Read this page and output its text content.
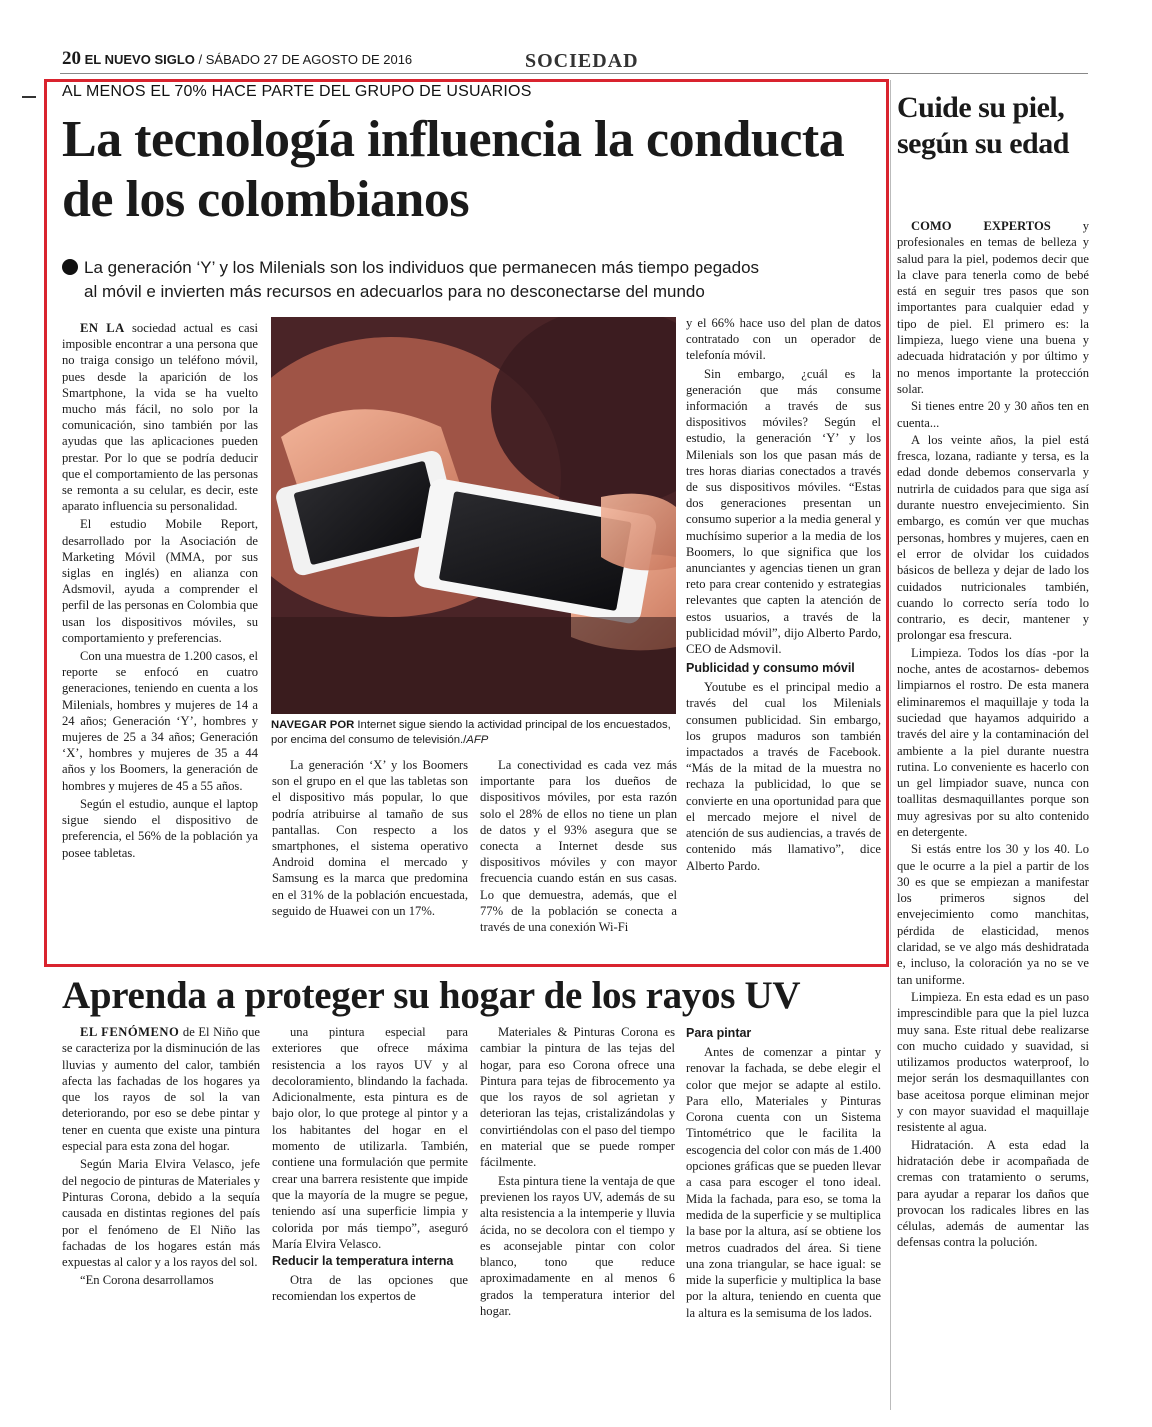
20 EL NUEVO SIGLO / SÁBADO 27 DE AGOSTO DE 2016	SOCIEDAD
AL MENOS EL 70% HACE PARTE DEL GRUPO DE USUARIOS
La tecnología influencia la conducta de los colombianos
La generación ‘Y’ y los Milenials son los individuos que permanecen más tiempo pegados
al móvil e invierten más recursos en adecuarlos para no desconectarse del mundo

EN LA sociedad actual es casi imposible encontrar a una persona que no traiga consigo un teléfono móvil, pues desde la aparición de los Smartphone, la vida se ha vuelto mucho más fácil, no solo por la comunicación, sino también por las ayudas que las aplicaciones pueden prestar. Por lo que se podría deducir que el comportamiento de las personas se remonta a su celular, es decir, este aparato influencia su personalidad.

El estudio Mobile Report, desarrollado por la Asociación de Marketing Móvil (MMA, por sus siglas en inglés) en alianza con Adsmovil, ayuda a comprender el perfil de las personas en Colombia que usan los dispositivos móviles, su comportamiento y preferencias.

Con una muestra de 1.200 casos, el reporte se enfocó en cuatro generaciones, teniendo en cuenta a los Milenials, hombres y mujeres de 14 a 24 años; Generación ‘Y’, hombres y mujeres de 25 a 34 años; Generación ‘X’, hombres y mujeres de 35 a 44 años y los Boomers, la generación de hombres y mujeres de 45 a 55 años.

Según el estudio, aunque el laptop sigue siendo el dispositivo de preferencia, el 56% de la población ya posee tabletas.

NAVEGAR POR Internet sigue siendo la actividad principal de los encuestados, por encima del consumo de televisión./AFP

La generación ‘X’ y los Boomers son el grupo en el que las tabletas son el dispositivo más popular, lo que podría atribuirse al tamaño de sus pantallas. Con respecto a los smartphones, el sistema operativo Android domina el mercado y Samsung es la marca que predomina en el 31% de la población encuestada, seguido de Huawei con un 17%.

La conectividad es cada vez más importante para los dueños de dispositivos móviles, por esta razón solo el 28% de ellos no tiene un plan de datos y el 93% asegura que se conecta a Internet desde sus dispositivos móviles y con mayor frecuencia cuando están en sus casas. Lo que demuestra, además, que el 77% de la población se conecta a través de una conexión Wi-Fi

y el 66% hace uso del plan de datos contratado con un operador de telefonía móvil.

Sin embargo, ¿cuál es la generación que más consume información a través de sus dispositivos móviles? Según el estudio, la generación ‘Y’ y los Milenials son los que pasan más de tres horas diarias conectados a través de sus dispositivos móviles. “Estas dos generaciones presentan un consumo superior a la media general y muchísimo superior a la media de los Boomers, lo que significa que los anunciantes y agencias tienen un gran reto para crear contenido y estrategias relevantes que capten la atención de estos usuarios, a través de la publicidad móvil”, dijo Alberto Pardo, CEO de Adsmovil.

Publicidad y consumo móvil

Youtube es el principal medio a través del cual los Milenials consumen publicidad. Sin embargo, los grupos maduros son también impactados a través de Facebook. “Más de la mitad de la muestra no rechaza la publicidad, lo que se convierte en una oportunidad para que el mercado mejore el nivel de atención de sus audiencias, a través de contenido más llamativo”, dice Alberto Pardo.

Cuide su piel, según su edad

COMO EXPERTOS	y profesionales en temas de belleza y salud para la piel, podemos decir que la clave para tenerla como de bebé está en seguir tres pasos que son importantes para cualquier edad y tipo de piel. El primero es: la limpieza, luego viene una buena y adecuada hidratación y por último y no menos importante la protección solar.

Si tienes entre 20 y 30 años ten en cuenta...

A los veinte años, la piel está fresca, lozana, radiante y tersa, es la edad donde debemos conservarla y nutrirla de cuidados para que siga así durante nuestro envejecimiento. Sin embargo, es común ver que muchas personas, hombres y mujeres, caen en el error de olvidar los cuidados básicos de belleza y dejar de lado los cuidados nutricionales también, cuando lo correcto sería todo lo contrario, es decir, mantener y prolongar esa frescura.

Limpieza. Todos los días -por la noche, antes de acostarnos- debemos limpiarnos el rostro. De esta manera eliminaremos el maquillaje y toda la suciedad que hayamos adquirido a través del aire y la contaminación del ambiente a la piel durante nuestra rutina. Lo conveniente es hacerlo con un gel limpiador suave, nunca con toallitas desmaquillantes porque son muy agresivas por su alto contenido en detergente.

Si estás entre los 30 y los 40. Lo que le ocurre a la piel a partir de los 30 es que se empiezan a manifestar los primeros signos del envejecimiento como manchitas, pérdida de elasticidad, menos claridad, se ve algo más deshidratada e, incluso, la coloración ya no se ve tan uniforme.

Limpieza. En esta edad es un paso imprescindible para que la piel luzca muy sana. Este ritual debe realizarse con mucho cuidado y suavidad, si utilizamos productos waterproof, lo mejor serán los desmaquillantes con base aceitosa porque eliminan mejor y con mayor suavidad el maquillaje resistente al agua.

Hidratación. A esta edad la hidratación debe ir acompañada de cremas con tratamiento o serums, para ayudar a reparar los daños que provocan los radicales libres en las células, además de aumentar las defensas contra la polución.

Aprenda a proteger su hogar de los rayos UV

EL FENÓMENO de El Niño que se caracteriza por la disminución de las lluvias y aumento del calor, también afecta las fachadas de los hogares ya que los rayos de sol la van deteriorando, por eso se debe pintar y tener en cuenta que existe una pintura especial para esta zona del hogar.

Según Maria Elvira Velasco, jefe del negocio de pinturas de Materiales y Pinturas Corona, debido a la sequía causada en distintas regiones del país por el fenómeno de El Niño las fachadas de los hogares están más expuestas al calor y a los rayos del sol.

“En Corona desarrollamos

una pintura especial para exteriores que ofrece máxima resistencia a los rayos UV y al decoloramiento, blindando la fachada. Adicionalmente, esta pintura es de bajo olor, lo que protege al pintor y a los habitantes del hogar en el momento de utilizarla. También, contiene una formulación que permite crear una barrera resistente que impide que la mayoría de la mugre se pegue, teniendo así una superficie limpia y colorida por más tiempo”, aseguró María Elvira Velasco.

Reducir la temperatura interna

Otra de las opciones que recomiendan los expertos de

Materiales & Pinturas Corona es cambiar la pintura de las tejas del hogar, para eso Corona ofrece una Pintura para tejas de fibrocemento ya que los rayos de sol agrietan y deterioran las tejas, cristalizándolas y convirtiéndolas con el paso del tiempo en material que se puede romper fácilmente.

Esta pintura tiene la ventaja de que previenen los rayos UV, además de su alta resistencia a la intemperie y lluvia ácida, no se decolora con el tiempo y es aconsejable pintar con color blanco, tono que reduce aproximadamente en al menos 6 grados la temperatura interior del hogar.

Para pintar

Antes de comenzar a pintar y renovar la fachada, se debe elegir el color que mejor se adapte al estilo. Para ello, Materiales y Pinturas Corona cuenta con un Sistema Tintométrico que le facilita la escogencia del color con más de 1.400 opciones gráficas que se pueden llevar a casa para escoger el tono ideal. Mida la fachada, para eso, se toma la medida de la superficie y se multiplica la base por la altura, así se obtiene los metros cuadrados del área. Si tiene una zona triangular, se hace igual: se mide la superficie y multiplica la base por la altura, teniendo en cuenta que la altura es la semisuma de los lados.
